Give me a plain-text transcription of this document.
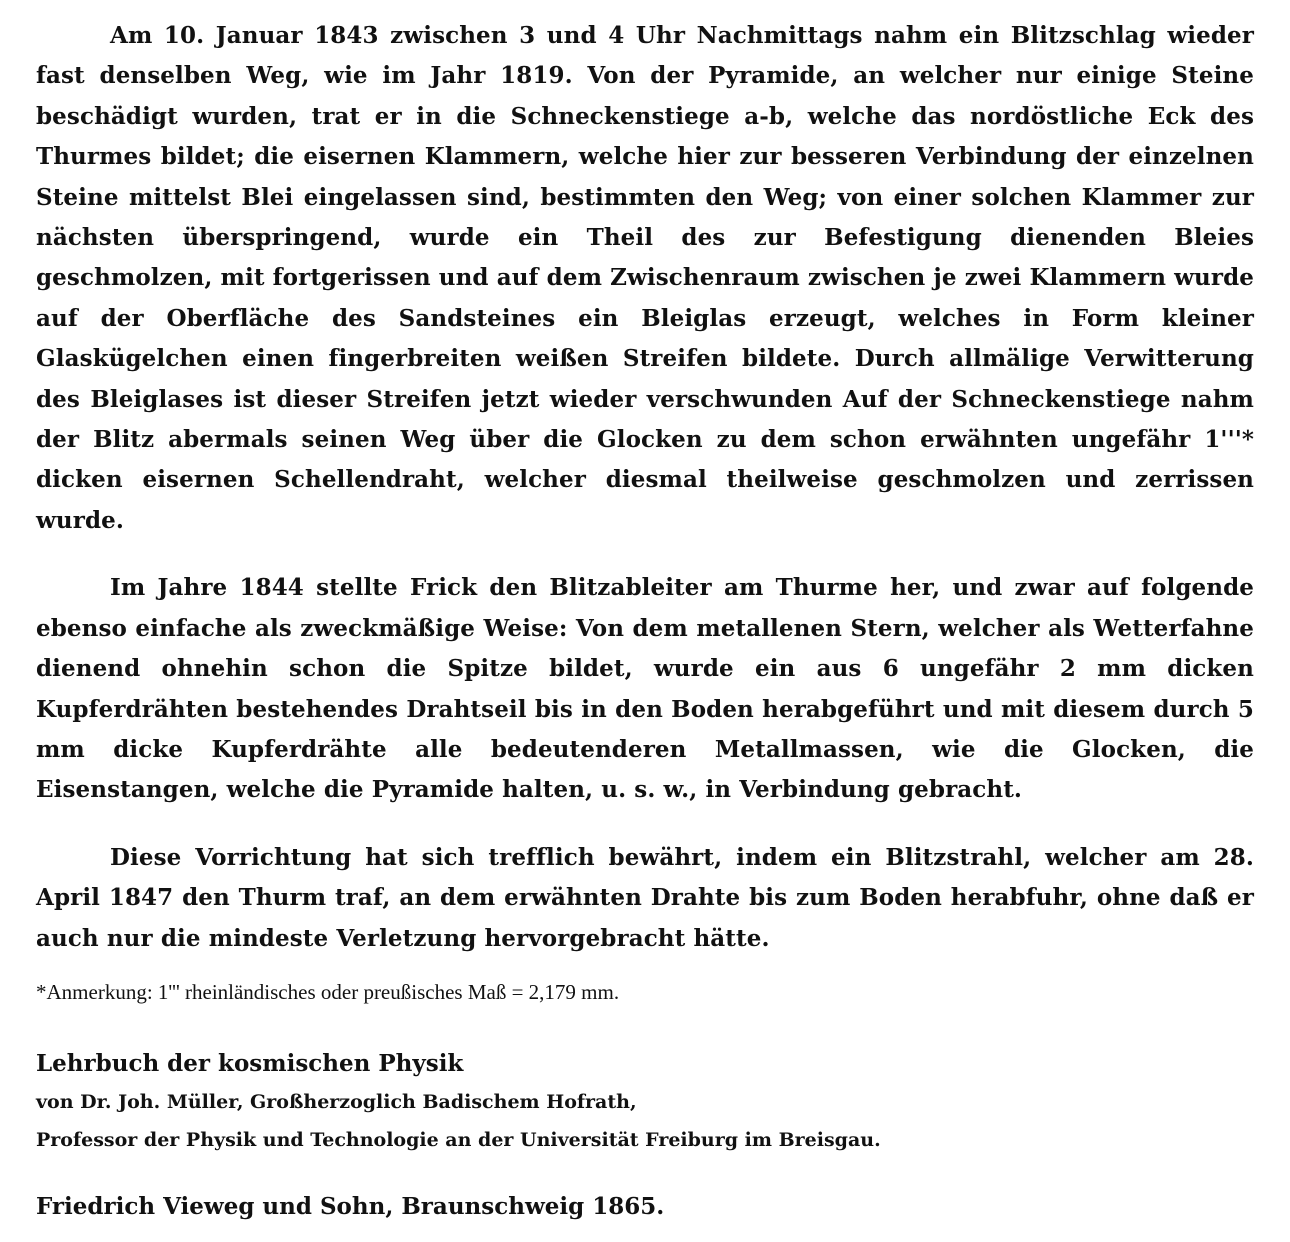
Am 10. Januar 1843 zwischen 3 und 4 Uhr Nachmittags nahm ein Blitzschlag wieder fast denselben Weg, wie im Jahr 1819. Von der Pyramide, an welcher nur einige Steine beschädigt wurden, trat er in die Schneckenstiege a-b, welche das nordöstliche Eck des Thurmes bildet; die eisernen Klammern, welche hier zur besseren Verbindung der einzelnen Steine mittelst Blei eingelassen sind, bestimmten den Weg; von einer solchen Klammer zur nächsten überspringend, wurde ein Theil des zur Befestigung dienenden Bleies geschmolzen, mit fortgerissen und auf dem Zwischenraum zwischen je zwei Klammern wurde auf der Oberfläche des Sandsteines ein Bleiglas erzeugt, welches in Form kleiner Glaskügelchen einen fingerbreiten weißen Streifen bildete. Durch allmälige Verwitterung des Bleiglases ist dieser Streifen jetzt wieder verschwunden Auf der Schneckenstiege nahm der Blitz abermals seinen Weg über die Glocken zu dem schon erwähnten ungefähr 1'''* dicken eisernen Schellendraht, welcher diesmal theilweise geschmolzen und zerrissen wurde.

Im Jahre 1844 stellte Frick den Blitzableiter am Thurme her, und zwar auf folgende ebenso einfache als zweckmäßige Weise: Von dem metallenen Stern, welcher als Wetterfahne dienend ohnehin schon die Spitze bildet, wurde ein aus 6 ungefähr 2 mm dicken Kupferdrähten bestehendes Drahtseil bis in den Boden herabgeführt und mit diesem durch 5 mm dicke Kupferdrähte alle bedeutenderen Metallmassen, wie die Glocken, die Eisenstangen, welche die Pyramide halten, u. s. w., in Verbindung gebracht.

Diese Vorrichtung hat sich trefflich bewährt, indem ein Blitzstrahl, welcher am 28. April 1847 den Thurm traf, an dem erwähnten Drahte bis zum Boden herabfuhr, ohne daß er auch nur die mindeste Verletzung hervorgebracht hätte.

*Anmerkung: 1''' rheinländisches oder preußisches Maß = 2,179 mm.

Lehrbuch der kosmischen Physik

von Dr. Joh. Müller, Großherzoglich Badischem Hofrath,

Professor der Physik und Technologie an der Universität Freiburg im Breisgau.

Friedrich Vieweg und Sohn, Braunschweig 1865.
